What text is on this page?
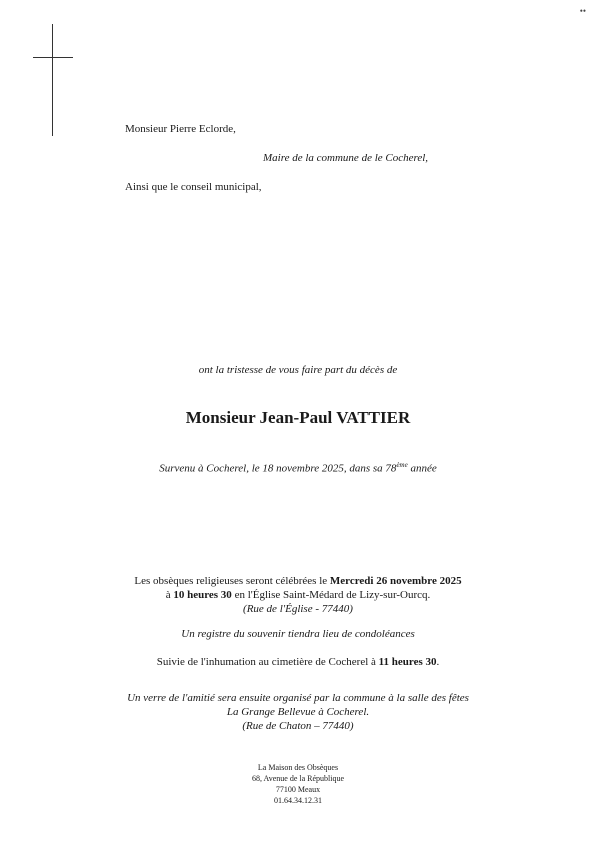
••
Monsieur Pierre Eclorde,
Maire de la commune de le Cocherel,
Ainsi que le conseil municipal,
ont la tristesse de vous faire part du décès de
Monsieur Jean-Paul VATTIER
Survenu à Cocherel, le 18 novembre 2025, dans sa 78ème année
Les obsèques religieuses seront célébrées le Mercredi 26 novembre 2025
à 10 heures 30 en l'Église Saint-Médard de Lizy-sur-Ourcq.
(Rue de l'Église - 77440)
Un registre du souvenir tiendra lieu de condoléances
Suivie de l'inhumation au cimetière de Cocherel à 11 heures 30.
Un verre de l'amitié sera ensuite organisé par la commune à la salle des fêtes
La Grange Bellevue à Cocherel.
(Rue de Chaton – 77440)
La Maison des Obsèques
68, Avenue de la République
77100 Meaux
01.64.34.12.31
